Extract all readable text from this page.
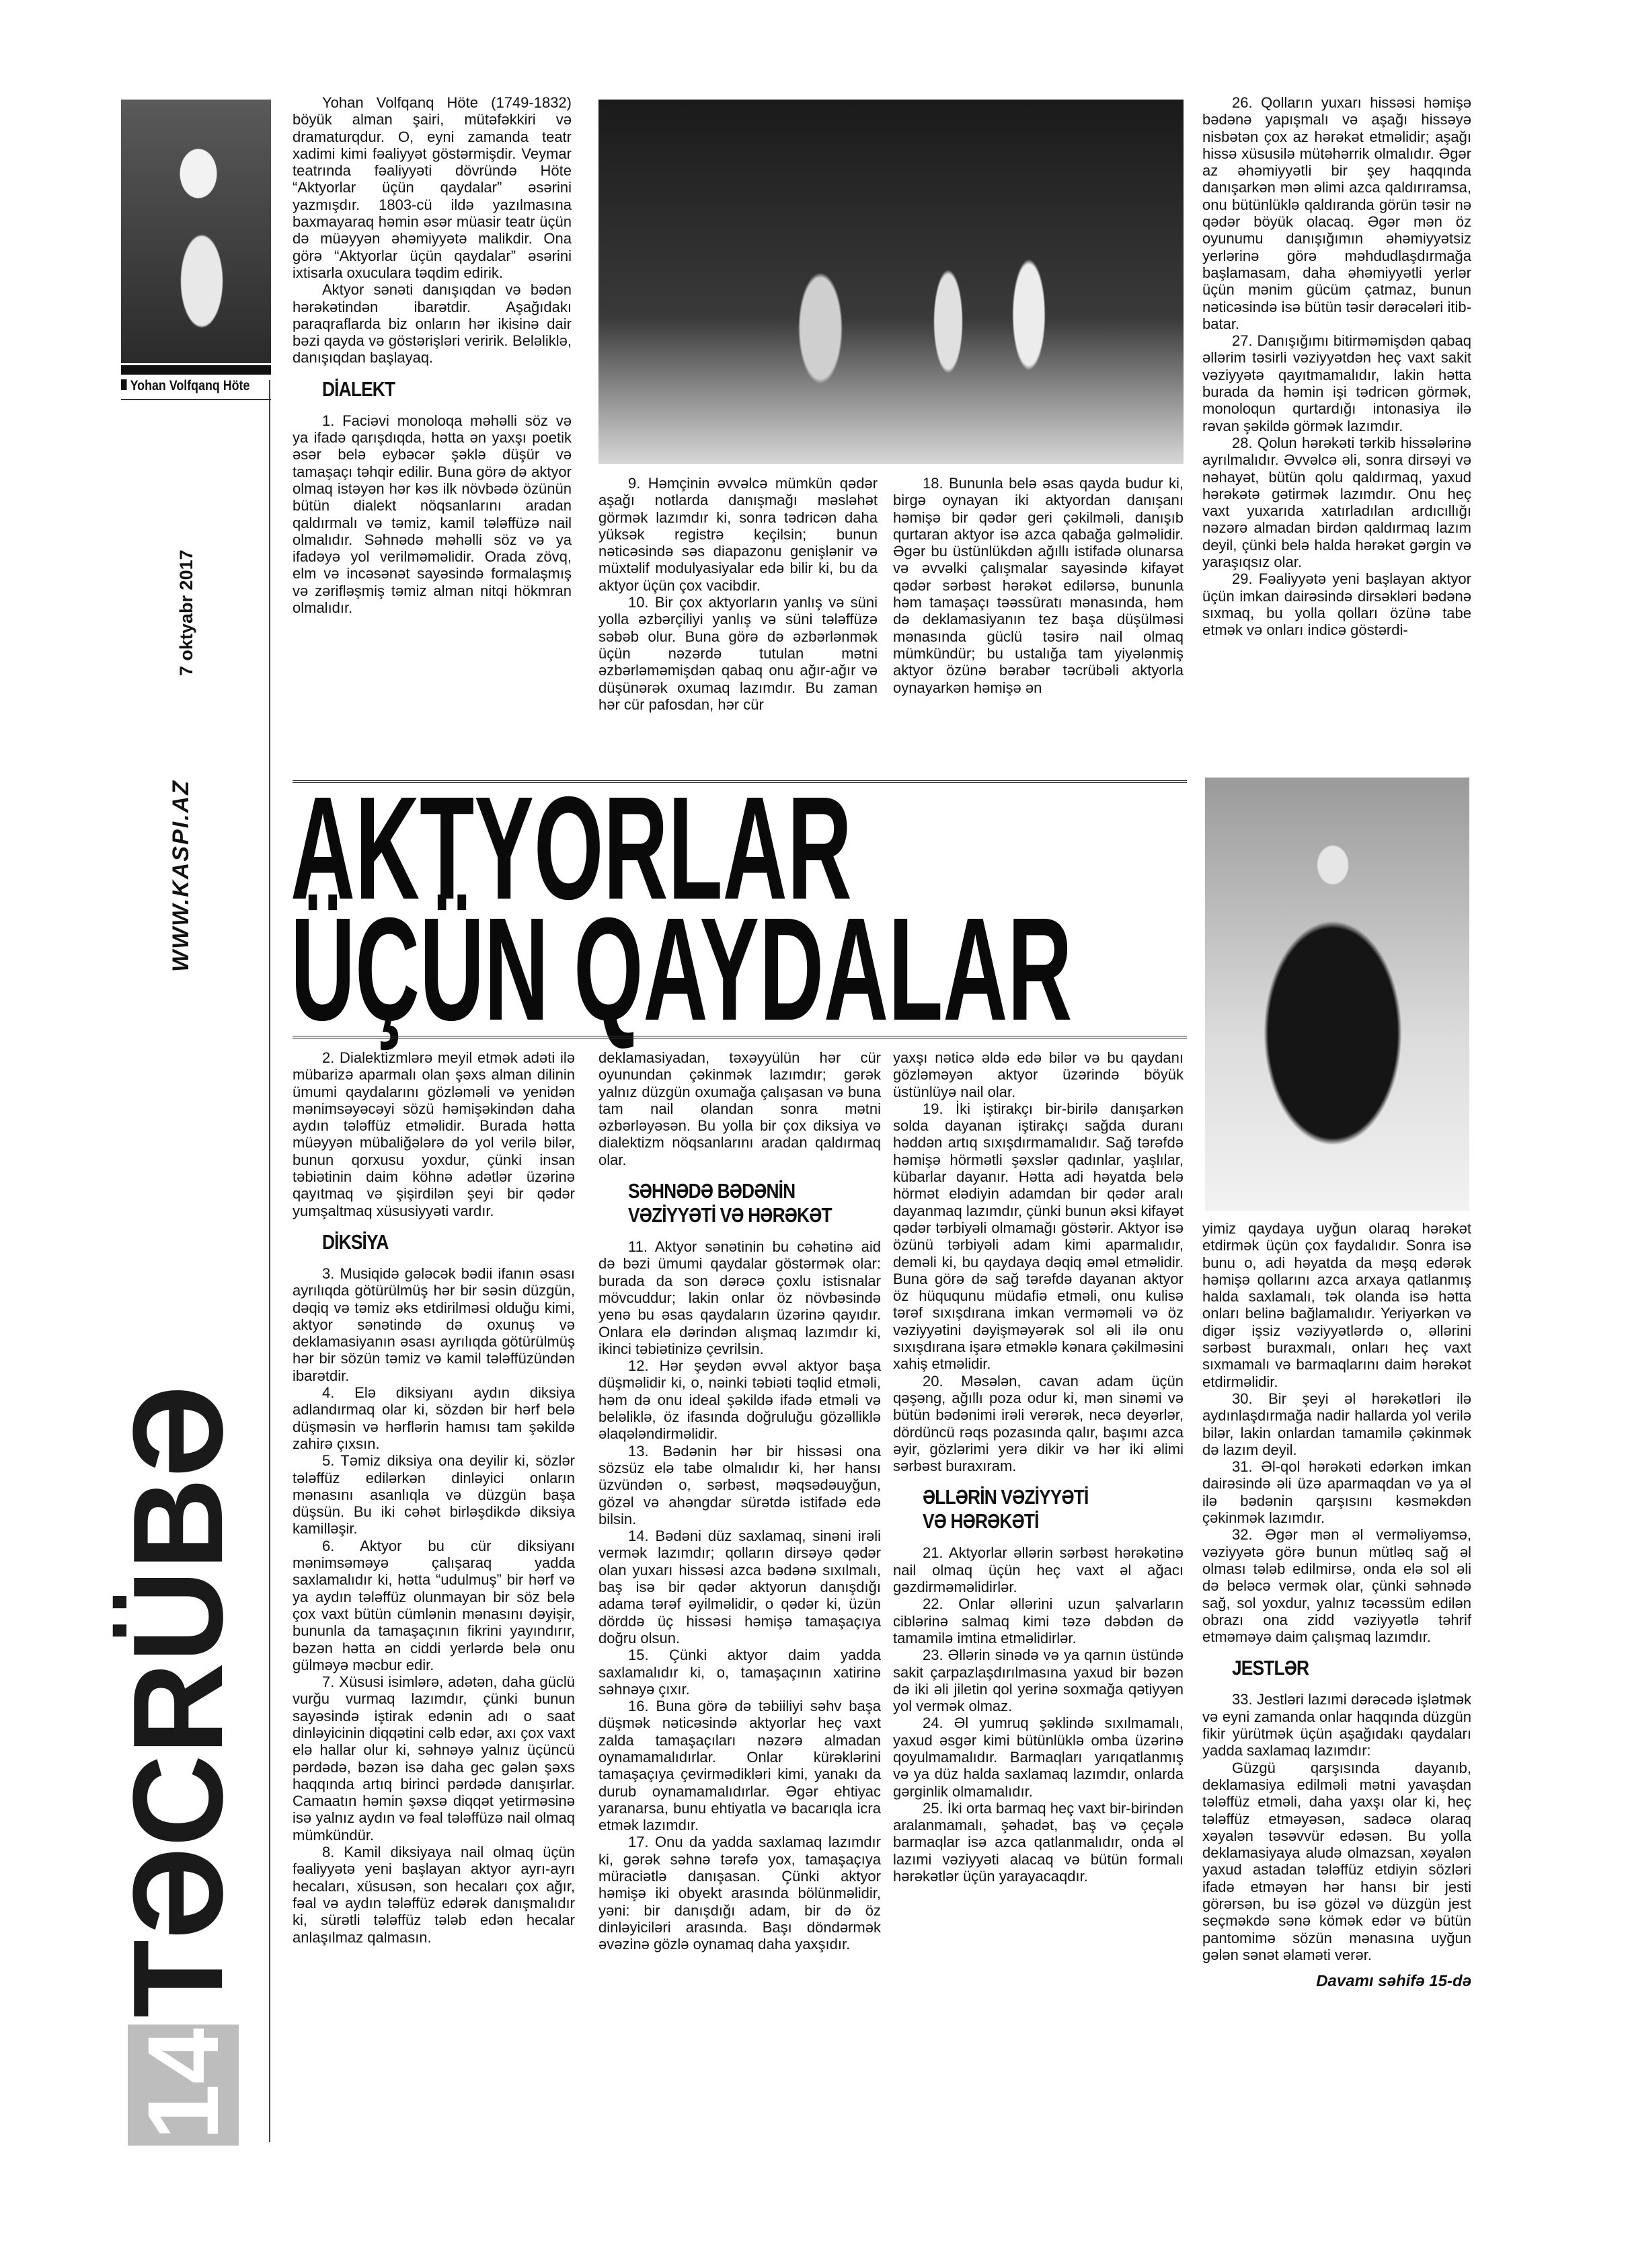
7 oktyabr 2017
WWW.KASPI.AZ
TƏCRÜBƏ
14
Yohan Volfqanq Höte

Yohan Volfqanq Höte (1749-1832) böyük alman şairi, mütəfəkkiri və dramaturqdur. O, eyni zamanda teatr xadimi kimi fəaliyyət göstərmişdir. Veymar teatrında fəaliyyəti dövründə Höte “Aktyorlar üçün qaydalar” əsərini yazmışdır. 1803-cü ildə yazılmasına baxmayaraq həmin əsər müasir teatr üçün də müəyyən əhəmiyyətə malikdir. Ona görə “Aktyorlar üçün qaydalar” əsərini ixtisarla oxuculara təqdim edirik.

Aktyor sənəti danışıqdan və bədən hərəkətindən ibarətdir. Aşağıdakı paraqraflarda biz onların hər ikisinə dair bəzi qayda və göstərişləri veririk. Beləliklə, danışıqdan başlayaq.

DİALEKT

1. Faciəvi monoloqa məhəlli söz və ya ifadə qarışdıqda, hətta ən yaxşı poetik əsər belə eybəcər şəklə düşür və tamaşaçı təhqir edilir. Buna görə də aktyor olmaq istəyən hər kəs ilk növbədə özünün bütün dialekt nöqsanlarını aradan qaldırmalı və təmiz, kamil tələffüzə nail olmalıdır. Səhnədə məhəlli söz və ya ifadəyə yol verilməməlidir. Orada zövq, elm və incəsənət sayəsində formalaşmış və zərifləşmiş təmiz alman nitqi hökmran olmalıdır.

9. Həmçinin əvvəlcə mümkün qədər aşağı notlarda danışmağı məsləhət görmək lazımdır ki, sonra tədricən daha yüksək registrə keçilsin; bunun nəticəsində səs diapazonu genişlənir və müxtəlif modulyasiyalar edə bilir ki, bu da aktyor üçün çox vacibdir.

10. Bir çox aktyorların yanlış və süni yolla əzbərçiliyi yanlış və süni tələffüzə səbəb olur. Buna görə də əzbərlənmək üçün nəzərdə tutulan mətni əzbərləməmişdən qabaq onu ağır-ağır və düşünərək oxumaq lazımdır. Bu zaman hər cür pafosdan, hər cür

18. Bununla belə əsas qayda budur ki, birgə oynayan iki aktyordan danışanı həmişə bir qədər geri çəkilməli, danışıb qurtaran aktyor isə azca qabağa gəlməlidir. Əgər bu üstünlükdən ağıllı istifadə olunarsa və əvvəlki çalışmalar sayəsində kifayət qədər sərbəst hərəkət edilərsə, bununla həm tamaşaçı təəssüratı mənasında, həm də deklamasiyanın tez başa düşülməsi mənasında güclü təsirə nail olmaq mümkündür; bu ustalığa tam yiyələnmiş aktyor özünə bərabər təcrübəli aktyorla oynayarkən həmişə ən

26. Qolların yuxarı hissəsi həmişə bədənə yapışmalı və aşağı hissəyə nisbətən çox az hərəkət etməlidir; aşağı hissə xüsusilə mütəhərrik olmalıdır. Əgər az əhəmiyyətli bir şey haqqında danışarkən mən əlimi azca qaldırıramsa, onu bütünlüklə qaldıranda görün təsir nə qədər böyük olacaq. Əgər mən öz oyunumu danışığımın əhəmiyyətsiz yerlərinə görə məhdudlaşdırmağa başlamasam, daha əhəmiyyətli yerlər üçün mənim gücüm çatmaz, bunun nəticəsində isə bütün təsir dərəcələri itib-batar.

27. Danışığımı bitirməmişdən qabaq əllərim təsirli vəziyyətdən heç vaxt sakit vəziyyətə qayıtmamalıdır, lakin hətta burada da həmin işi tədricən görmək, monoloqun qurtardığı intonasiya ilə rəvan şəkildə görmək lazımdır.

28. Qolun hərəkəti tərkib hissələrinə ayrılmalıdır. Əvvəlcə əli, sonra dirsəyi və nəhayət, bütün qolu qaldırmaq, yaxud hərəkətə gətirmək lazımdır. Onu heç vaxt yuxarıda xatırladılan ardıcıllığı nəzərə almadan birdən qaldırmaq lazım deyil, çünki belə halda hərəkət gərgin və yaraşıqsız olar.

29. Fəaliyyətə yeni başlayan aktyor üçün imkan dairəsində dirsəkləri bədənə sıxmaq, bu yolla qolları özünə tabe etmək və onları indicə göstərdi-

AKTYORLAR
ÜÇÜN QAYDALAR

2. Dialektizmlərə meyil etmək adəti ilə mübarizə aparmalı olan şəxs alman dilinin ümumi qaydalarını gözləməli və yenidən mənimsəyəcəyi sözü həmişəkindən daha aydın tələffüz etməlidir. Burada hətta müəyyən mübaliğələrə də yol verilə bilər, bunun qorxusu yoxdur, çünki insan təbiətinin daim köhnə adətlər üzərinə qayıtmaq və şişirdilən şeyi bir qədər yumşaltmaq xüsusiyyəti vardır.

DİKSİYA

3. Musiqidə gələcək bədii ifanın əsası ayrılıqda götürülmüş hər bir səsin düzgün, dəqiq və təmiz əks etdirilməsi olduğu kimi, aktyor sənətində də oxunuş və deklamasiyanın əsası ayrılıqda götürülmüş hər bir sözün təmiz və kamil tələffüzündən ibarətdir.

4. Elə diksiyanı aydın diksiya adlandırmaq olar ki, sözdən bir hərf belə düşməsin və hərflərin hamısı tam şəkildə zahirə çıxsın.

5. Təmiz diksiya ona deyilir ki, sözlər tələffüz edilərkən dinləyici onların mənasını asanlıqla və düzgün başa düşsün. Bu iki cəhət birləşdikdə diksiya kamilləşir.

6. Aktyor bu cür diksiyanı mənimsəməyə çalışaraq yadda saxlamalıdır ki, hətta “udulmuş” bir hərf və ya aydın tələffüz olunmayan bir söz belə çox vaxt bütün cümlənin mənasını dəyişir, bununla da tamaşaçının fikrini yayındırır, bəzən hətta ən ciddi yerlərdə belə onu gülməyə məcbur edir.

7. Xüsusi isimlərə, adətən, daha güclü vurğu vurmaq lazımdır, çünki bunun sayəsində iştirak edənin adı o saat dinləyicinin diqqətini cəlb edər, axı çox vaxt elə hallar olur ki, səhnəyə yalnız üçüncü pərdədə, bəzən isə daha gec gələn şəxs haqqında artıq birinci pərdədə danışırlar. Camaatın həmin şəxsə diqqət yetirməsinə isə yalnız aydın və fəal tələffüzə nail olmaq mümkündür.

8. Kamil diksiyaya nail olmaq üçün fəaliyyətə yeni başlayan aktyor ayrı-ayrı hecaları, xüsusən, son hecaları çox ağır, fəal və aydın tələffüz edərək danışmalıdır ki, sürətli tələffüz tələb edən hecalar anlaşılmaz qalmasın.

deklamasiyadan, təxəyyülün hər cür oyunundan çəkinmək lazımdır; gərək yalnız düzgün oxumağa çalışasan və buna tam nail olandan sonra mətni əzbərləyəsən. Bu yolla bir çox diksiya və dialektizm nöqsanlarını aradan qaldırmaq olar.

SƏHNƏDƏ BƏDƏNİN
VƏZİYYƏTİ VƏ HƏRƏKƏT

11. Aktyor sənətinin bu cəhətinə aid də bəzi ümumi qaydalar göstərmək olar: burada da son dərəcə çoxlu istisnalar mövcuddur; lakin onlar öz növbəsində yenə bu əsas qaydaların üzərinə qayıdır. Onlara elə dərindən alışmaq lazımdır ki, ikinci təbiətinizə çevrilsin.

12. Hər şeydən əvvəl aktyor başa düşməlidir ki, o, nəinki təbiəti təqlid etməli, həm də onu ideal şəkildə ifadə etməli və beləliklə, öz ifasında doğruluğu gözəlliklə əlaqələndirməlidir.

13. Bədənin hər bir hissəsi ona sözsüz elə tabe olmalıdır ki, hər hansı üzvündən o, sərbəst, məqsədəuyğun, gözəl və ahəngdar sürətdə istifadə edə bilsin.

14. Bədəni düz saxlamaq, sinəni irəli vermək lazımdır; qolların dirsəyə qədər olan yuxarı hissəsi azca bədənə sıxılmalı, baş isə bir qədər aktyorun danışdığı adama tərəf əyilməlidir, o qədər ki, üzün dörddə üç hissəsi həmişə tamaşaçıya doğru olsun.

15. Çünki aktyor daim yadda saxlamalıdır ki, o, tamaşaçının xatirinə səhnəyə çıxır.

16. Buna görə də təbiiliyi səhv başa düşmək nəticəsində aktyorlar heç vaxt zalda tamaşaçıları nəzərə almadan oynamamalıdırlar. Onlar kürəklərini tamaşaçıya çevirmədikləri kimi, yanakı da durub oynamamalıdırlar. Əgər ehtiyac yaranarsa, bunu ehtiyatla və bacarıqla icra etmək lazımdır.

17. Onu da yadda saxlamaq lazımdır ki, gərək səhnə tərəfə yox, tamaşaçıya müraciətlə danışasan. Çünki aktyor həmişə iki obyekt arasında bölünməlidir, yəni: bir danışdığı adam, bir də öz dinləyiciləri arasında. Başı döndərmək əvəzinə gözlə oynamaq daha yaxşıdır.

yaxşı nəticə əldə edə bilər və bu qaydanı gözləməyən aktyor üzərində böyük üstünlüyə nail olar.

19. İki iştirakçı bir-birilə danışarkən solda dayanan iştirakçı sağda duranı həddən artıq sıxışdırmamalıdır. Sağ tərəfdə həmişə hörmətli şəxslər qadınlar, yaşlılar, kübarlar dayanır. Hətta adi həyatda belə hörmət elədiyin adamdan bir qədər aralı dayanmaq lazımdır, çünki bunun əksi kifayət qədər tərbiyəli olmamağı göstərir. Aktyor isə özünü tərbiyəli adam kimi aparmalıdır, deməli ki, bu qaydaya dəqiq əməl etməlidir. Buna görə də sağ tərəfdə dayanan aktyor öz hüququnu müdafiə etməli, onu kulisə tərəf sıxışdırana imkan verməməli və öz vəziyyətini dəyişməyərək sol əli ilə onu sıxışdırana işarə etməklə kənara çəkilməsini xahiş etməlidir.

20. Məsələn, cavan adam üçün qəşəng, ağıllı poza odur ki, mən sinəmi və bütün bədənimi irəli verərək, necə deyərlər, dördüncü rəqs pozasında qalır, başımı azca əyir, gözlərimi yerə dikir və hər iki əlimi sərbəst buraxıram.

ƏLLƏRİN VƏZİYYƏTİ
VƏ HƏRƏKƏTİ

21. Aktyorlar əllərin sərbəst hərəkətinə nail olmaq üçün heç vaxt əl ağacı gəzdirməməlidirlər.

22. Onlar əllərini uzun şalvarların ciblərinə salmaq kimi təzə dəbdən də tamamilə imtina etməlidirlər.

23. Əllərin sinədə və ya qarnın üstündə sakit çarpazlaşdırılmasına yaxud bir bəzən də iki əli jiletin qol yerinə soxmağa qətiyyən yol vermək olmaz.

24. Əl yumruq şəklində sıxılmamalı, yaxud əsgər kimi bütünlüklə omba üzərinə qoyulmamalıdır. Barmaqları yarıqatlanmış və ya düz halda saxlamaq lazımdır, onlarda gərginlik olmamalıdır.

25. İki orta barmaq heç vaxt bir-birindən aralanmamalı, şəhadət, baş və çeçələ barmaqlar isə azca qatlanmalıdır, onda əl lazımi vəziyyəti alacaq və bütün formalı hərəkətlər üçün yarayacaqdır.

yimiz qaydaya uyğun olaraq hərəkət etdirmək üçün çox faydalıdır. Sonra isə bunu o, adi həyatda da məşq edərək həmişə qollarını azca arxaya qatlanmış halda saxlamalı, tək olanda isə hətta onları belinə bağlamalıdır. Yeriyərkən və digər işsiz vəziyyətlərdə o, əllərini sərbəst buraxmalı, onları heç vaxt sıxmamalı və barmaqlarını daim hərəkət etdirməlidir.

30. Bir şeyi əl hərəkətləri ilə aydınlaşdırmağa nadir hallarda yol verilə bilər, lakin onlardan tamamilə çəkinmək də lazım deyil.

31. Əl-qol hərəkəti edərkən imkan dairəsində əli üzə aparmaqdan və ya əl ilə bədənin qarşısını kəsməkdən çəkinmək lazımdır.

32. Əgər mən əl verməliyəmsə, vəziyyətə görə bunun mütləq sağ əl olması tələb edilmirsə, onda elə sol əli də beləcə vermək olar, çünki səhnədə sağ, sol yoxdur, yalnız təcəssüm edilən obrazı ona zidd vəziyyətlə təhrif etməməyə daim çalışmaq lazımdır.

JESTLƏR

33. Jestləri lazımi dərəcədə işlətmək və eyni zamanda onlar haqqında düzgün fikir yürütmək üçün aşağıdakı qaydaları yadda saxlamaq lazımdır:

Güzgü qarşısında dayanıb, deklamasiya edilməli mətni yavaşdan tələffüz etməli, daha yaxşı olar ki, heç tələffüz etməyəsən, sadəcə olaraq xəyalən təsəvvür edəsən. Bu yolla deklamasiyaya aludə olmazsan, xəyalən yaxud astadan tələffüz etdiyin sözləri ifadə etməyən hər hansı bir jesti görərsən, bu isə gözəl və düzgün jest seçməkdə sənə kömək edər və bütün pantomimə sözün mənasına uyğun gələn sənət əlaməti verər.

Davamı səhifə 15-də
